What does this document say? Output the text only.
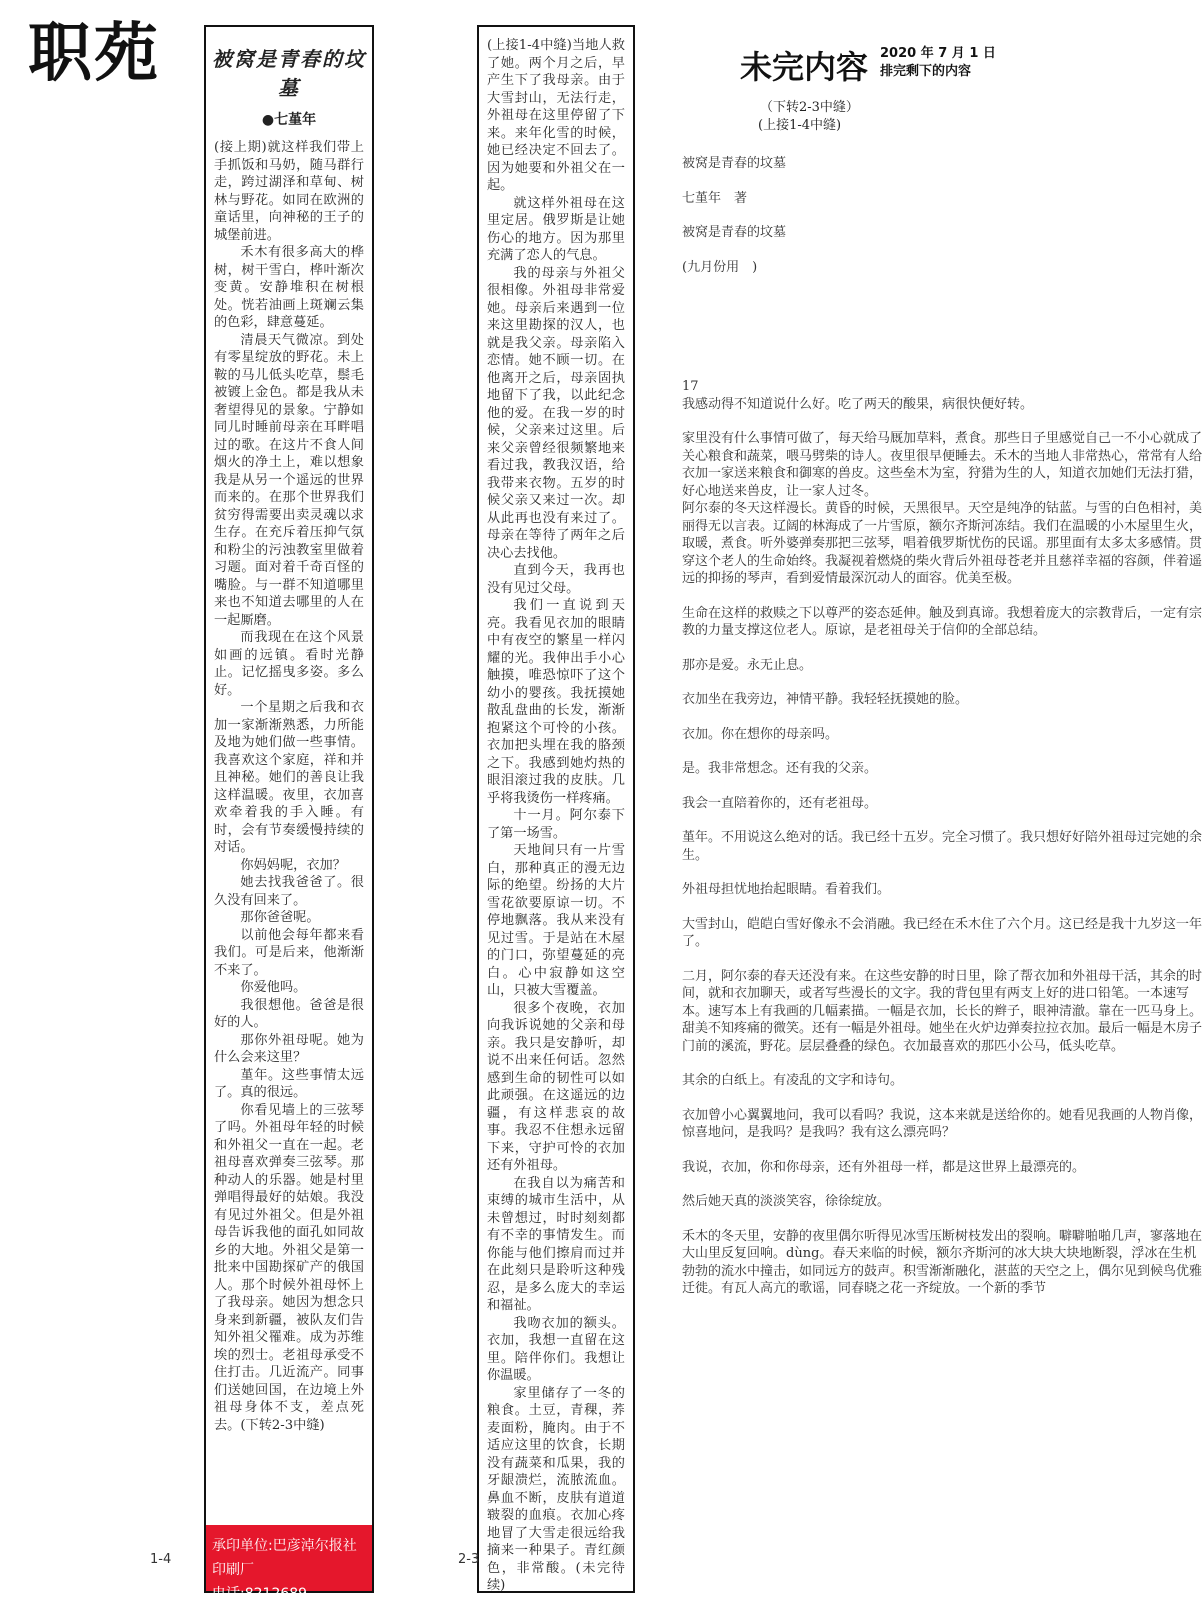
职苑	被窝是青春的坟墓
●七堇年

(接上期)就这样我们带上手抓饭和马奶，随马群行走，跨过湖泽和草甸、树林与野花。如同在欧洲的童话里，向神秘的王子的城堡前进。

禾木有很多高大的桦树，树干雪白，桦叶渐次变黄。安静堆积在树根处。恍若油画上斑斓云集的色彩，肆意蔓延。

清晨天气微凉。到处有零星绽放的野花。未上鞍的马儿低头吃草，鬃毛被镀上金色。都是我从未奢望得见的景象。宁静如同儿时睡前母亲在耳畔唱过的歌。在这片不食人间烟火的净土上，难以想象我是从另一个遥远的世界而来的。在那个世界我们贫穷得需要出卖灵魂以求生存。在充斥着压抑气氛和粉尘的污浊教室里做着习题。面对着千奇百怪的嘴脸。与一群不知道哪里来也不知道去哪里的人在一起厮磨。

而我现在在这个风景如画的远镇。看时光静止。记忆摇曳多姿。多么好。

一个星期之后我和衣加一家渐渐熟悉，力所能及地为她们做一些事情。我喜欢这个家庭，祥和并且神秘。她们的善良让我这样温暖。夜里，衣加喜欢牵着我的手入睡。有时，会有节奏缓慢持续的对话。

你妈妈呢，衣加？

她去找我爸爸了。很久没有回来了。

那你爸爸呢。

以前他会每年都来看我们。可是后来，他渐渐不来了。

你爱他吗。

我很想他。爸爸是很好的人。

那你外祖母呢。她为什么会来这里？

堇年。这些事情太远了。真的很远。

你看见墙上的三弦琴了吗。外祖母年轻的时候和外祖父一直在一起。老祖母喜欢弹奏三弦琴。那种动人的乐器。她是村里弹唱得最好的姑娘。我没有见过外祖父。但是外祖母告诉我他的面孔如同故乡的大地。外祖父是第一批来中国勘探矿产的俄国人。那个时候外祖母怀上了我母亲。她因为想念只身来到新疆，被队友们告知外祖父罹难。成为苏维埃的烈士。老祖母承受不住打击。几近流产。同事们送她回国，在边境上外祖母身体不支，差点死去。(下转2-3中缝)

承印单位:巴彦淖尔报社印刷厂
电话:8212689

(上接1-4中缝)当地人救了她。两个月之后，早产生下了我母亲。由于大雪封山，无法行走，外祖母在这里停留了下来。来年化雪的时候，她已经决定不回去了。因为她要和外祖父在一起。

就这样外祖母在这里定居。俄罗斯是让她伤心的地方。因为那里充满了恋人的气息。

我的母亲与外祖父很相像。外祖母非常爱她。母亲后来遇到一位来这里勘探的汉人，也就是我父亲。母亲陷入恋情。她不顾一切。在他离开之后，母亲固执地留下了我，以此纪念他的爱。在我一岁的时候，父亲来过这里。后来父亲曾经很频繁地来看过我，教我汉语，给我带来衣物。五岁的时候父亲又来过一次。却从此再也没有来过了。母亲在等待了两年之后决心去找他。

直到今天，我再也没有见过父母。

我们一直说到天亮。我看见衣加的眼睛中有夜空的繁星一样闪耀的光。我伸出手小心触摸，唯恐惊吓了这个幼小的婴孩。我抚摸她散乱盘曲的长发，渐渐抱紧这个可怜的小孩。衣加把头埋在我的胳颈之下。我感到她灼热的眼泪滚过我的皮肤。几乎将我烫伤一样疼痛。

十一月。阿尔泰下了第一场雪。

天地间只有一片雪白，那种真正的漫无边际的绝望。纷扬的大片雪花欲要原谅一切。不停地飘落。我从来没有见过雪。于是站在木屋的门口，弥望蔓延的亮白。心中寂静如这空山，只被大雪覆盖。

很多个夜晚，衣加向我诉说她的父亲和母亲。我只是安静听，却说不出来任何话。忽然感到生命的韧性可以如此顽强。在这遥远的边疆，有这样悲哀的故事。我忍不住想永远留下来，守护可怜的衣加还有外祖母。

在我自以为痛苦和束缚的城市生活中，从未曾想过，时时刻刻都有不幸的事情发生。而你能与他们擦肩而过并在此刻只是聆听这种残忍，是多么庞大的幸运和福祉。

我吻衣加的额头。衣加，我想一直留在这里。陪伴你们。我想让你温暖。

家里储存了一冬的粮食。土豆，青稞，荞麦面粉，腌肉。由于不适应这里的饮食，长期没有蔬菜和瓜果，我的牙龈溃烂，流脓流血。鼻血不断，皮肤有道道皲裂的血痕。衣加心疼地冒了大雪走很远给我摘来一种果子。青红颜色，非常酸。(未完待续)

1-4	2-3
未完内容 2020 年 7 月 1 日
排完剩下的内容
（下转2-3中缝）
(上接1-4中缝)
被窝是青春的坟墓
七堇年　著
被窝是青春的坟墓
(九月份用　)
17
我感动得不知道说什么好。吃了两天的酸果，病很快便好转。
家里没有什么事情可做了，每天给马厩加草料，煮食。那些日子里感觉自己一不小心就成了关心粮食和蔬菜，喂马劈柴的诗人。夜里很早便睡去。禾木的当地人非常热心，常常有人给衣加一家送来粮食和御寒的兽皮。这些垒木为室，狩猎为生的人，知道衣加她们无法打猎，好心地送来兽皮，让一家人过冬。
阿尔泰的冬天这样漫长。黄昏的时候，天黑很早。天空是纯净的钴蓝。与雪的白色相衬，美丽得无以言表。辽阔的林海成了一片雪原，额尔齐斯河冻结。我们在温暖的小木屋里生火，取暖，煮食。听外婆弹奏那把三弦琴，唱着俄罗斯忧伤的民谣。那里面有太多太多感情。贯穿这个老人的生命始终。我凝视着燃烧的柴火背后外祖母苍老并且慈祥幸福的容颜，伴着遥远的抑扬的琴声，看到爱情最深沉动人的面容。优美至极。
生命在这样的救赎之下以尊严的姿态延伸。触及到真谛。我想着庞大的宗教背后，一定有宗教的力量支撑这位老人。原谅，是老祖母关于信仰的全部总结。
那亦是爱。永无止息。
衣加坐在我旁边，神情平静。我轻轻抚摸她的脸。
衣加。你在想你的母亲吗。
是。我非常想念。还有我的父亲。
我会一直陪着你的，还有老祖母。
堇年。不用说这么绝对的话。我已经十五岁。完全习惯了。我只想好好陪外祖母过完她的余生。
外祖母担忧地抬起眼睛。看着我们。
大雪封山，皑皑白雪好像永不会消融。我已经在禾木住了六个月。这已经是我十九岁这一年了。
二月，阿尔泰的春天还没有来。在这些安静的时日里，除了帮衣加和外祖母干活，其余的时间，就和衣加聊天，或者写些漫长的文字。我的背包里有两支上好的进口铅笔。一本速写本。速写本上有我画的几幅素描。一幅是衣加，长长的辫子，眼神清澈。靠在一匹马身上。甜美不知疼痛的微笑。还有一幅是外祖母。她坐在火炉边弹奏拉拉衣加。最后一幅是木房子门前的溪流，野花。层层叠叠的绿色。衣加最喜欢的那匹小公马，低头吃草。
其余的白纸上。有凌乱的文字和诗句。
衣加曾小心翼翼地问，我可以看吗？我说，这本来就是送给你的。她看见我画的人物肖像，惊喜地问，是我吗？是我吗？我有这么漂亮吗？
我说，衣加，你和你母亲，还有外祖母一样，都是这世界上最漂亮的。
然后她天真的淡淡笑容，徐徐绽放。
禾木的冬天里，安静的夜里偶尔听得见冰雪压断树枝发出的裂响。噼噼啪啪几声，寥落地在大山里反复回响。dùng。春天来临的时候，额尔齐斯河的冰大块大块地断裂，浮冰在生机勃勃的流水中撞击，如同远方的鼓声。积雪渐渐融化，湛蓝的天空之上，偶尔见到候鸟优雅迁徙。有瓦人高亢的歌谣，同春晓之花一齐绽放。一个新的季节
